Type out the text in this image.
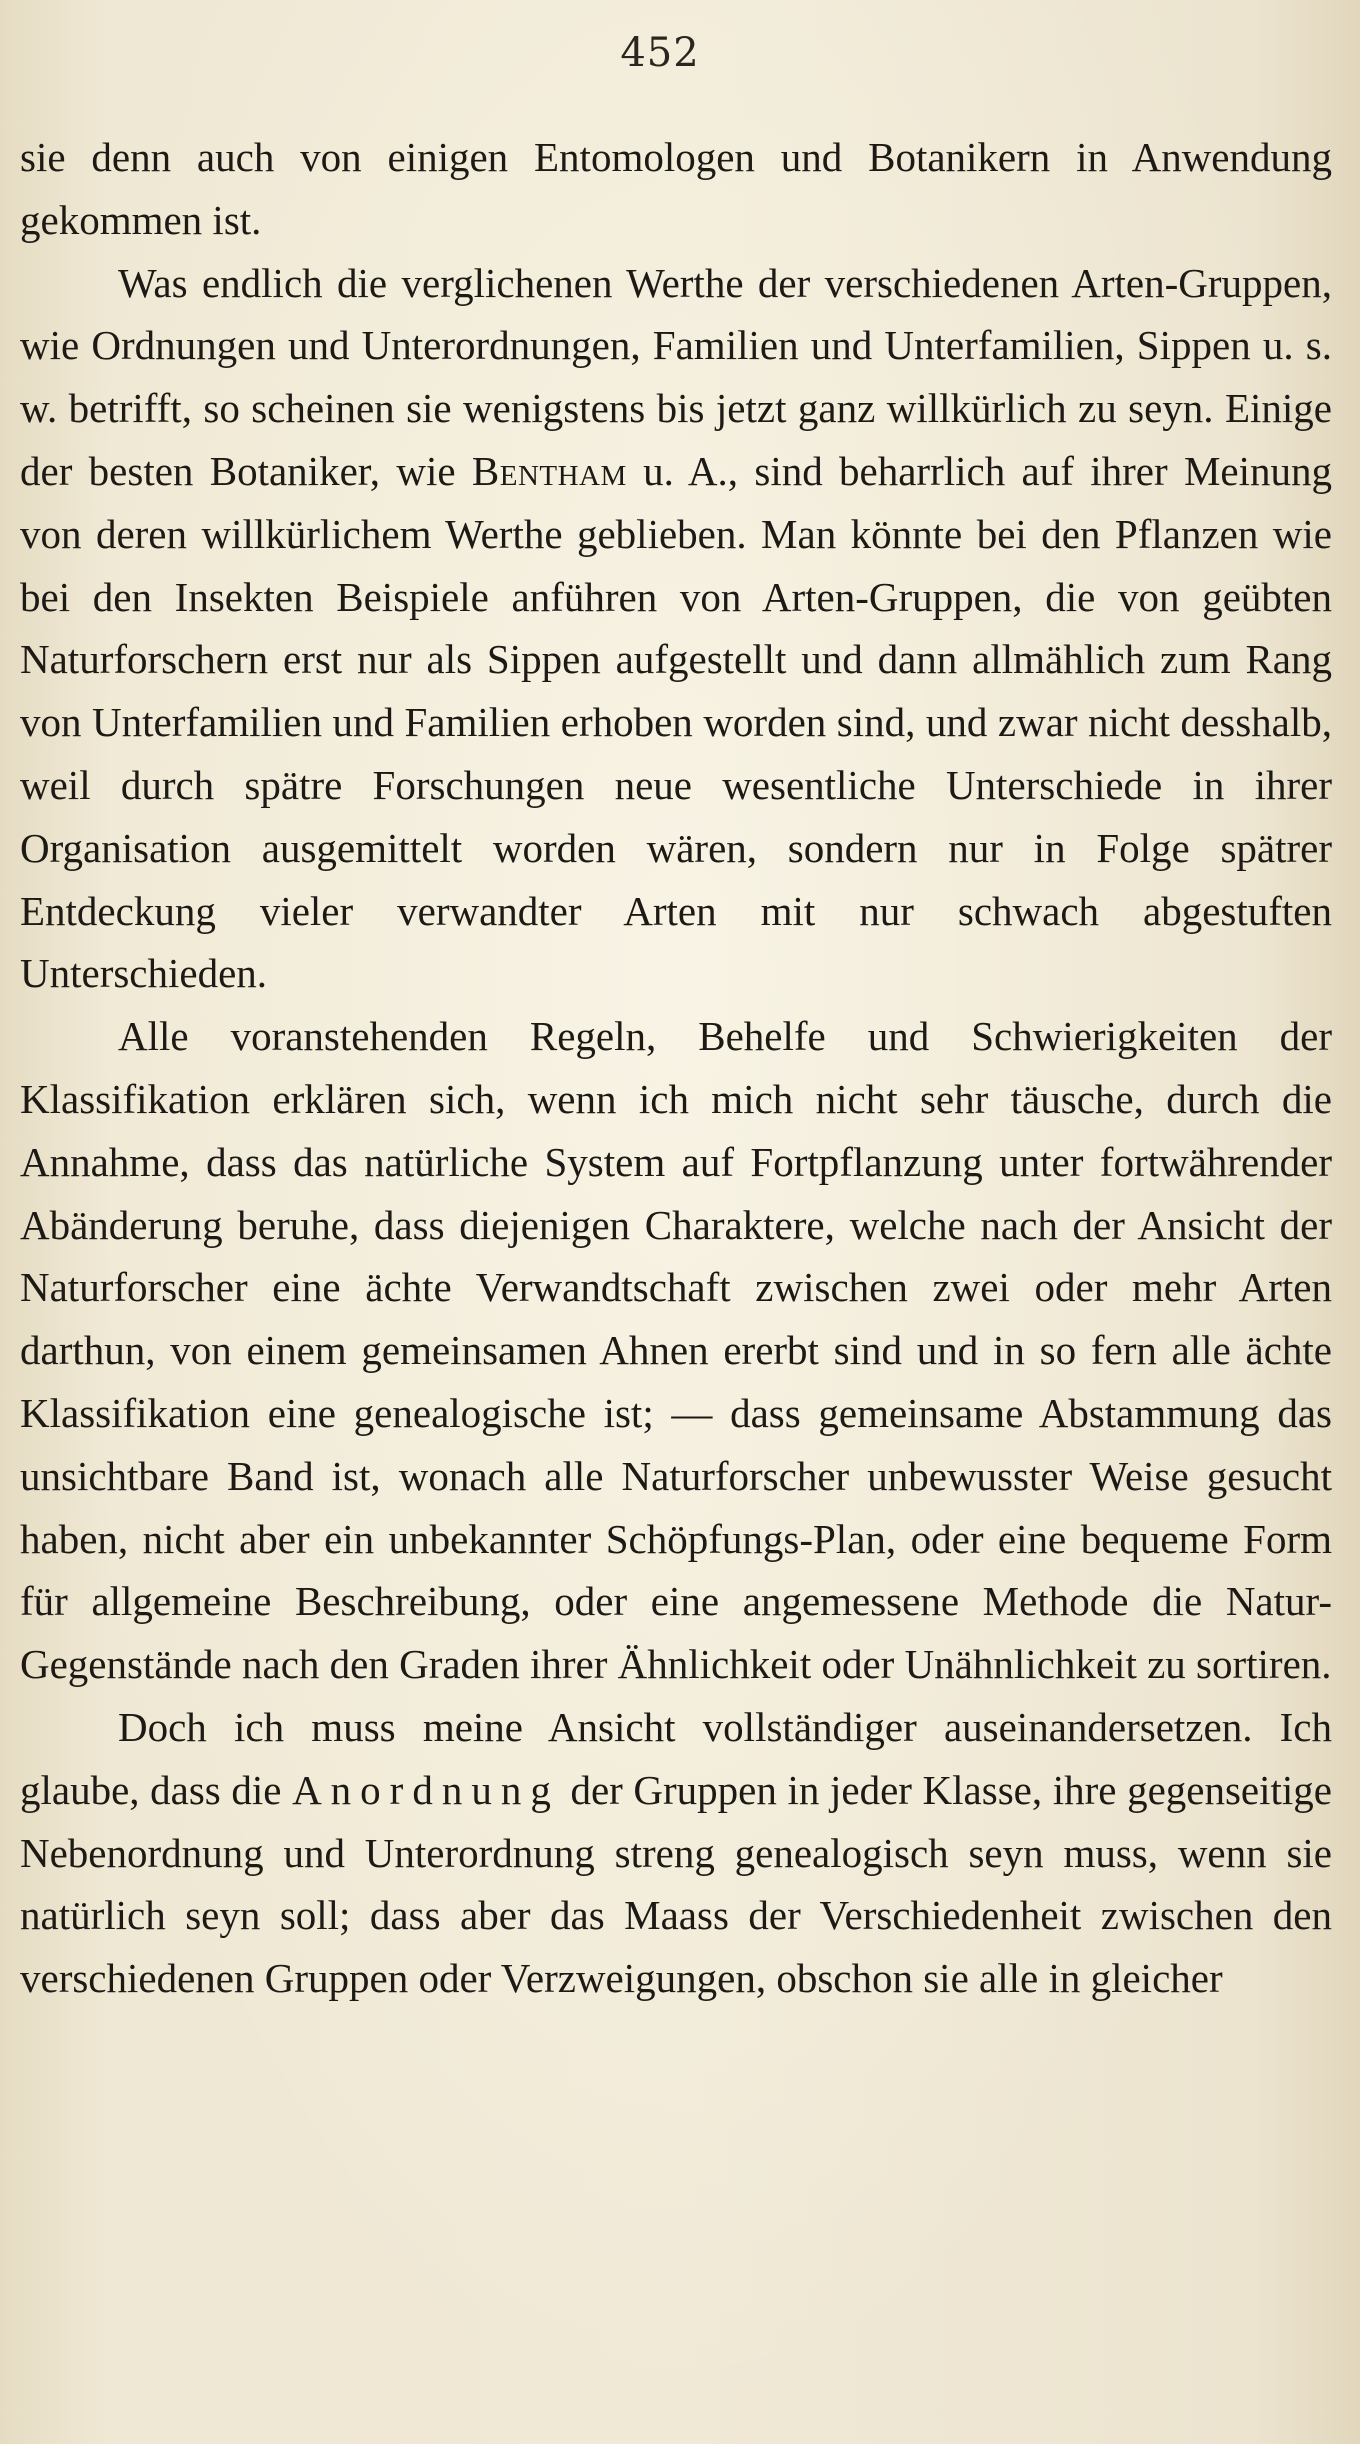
452

sie denn auch von einigen Entomologen und Botanikern in Anwendung gekommen ist.

Was endlich die verglichenen Werthe der verschiedenen Arten-Gruppen, wie Ordnungen und Unterordnungen, Familien und Unterfamilien, Sippen u. s. w. betrifft, so scheinen sie wenigstens bis jetzt ganz willkürlich zu seyn. Einige der besten Botaniker, wie Bentham u. A., sind beharrlich auf ihrer Meinung von deren willkürlichem Werthe geblieben. Man könnte bei den Pflanzen wie bei den Insekten Beispiele anführen von Arten-Gruppen, die von geübten Naturforschern erst nur als Sippen aufgestellt und dann allmählich zum Rang von Unterfamilien und Familien erhoben worden sind, und zwar nicht desshalb, weil durch spätre Forschungen neue wesentliche Unterschiede in ihrer Organisation ausgemittelt worden wären, sondern nur in Folge spätrer Entdeckung vieler verwandter Arten mit nur schwach abgestuften Unterschieden.

Alle voranstehenden Regeln, Behelfe und Schwierigkeiten der Klassifikation erklären sich, wenn ich mich nicht sehr täusche, durch die Annahme, dass das natürliche System auf Fortpflanzung unter fortwährender Abänderung beruhe, dass diejenigen Charaktere, welche nach der Ansicht der Naturforscher eine ächte Verwandtschaft zwischen zwei oder mehr Arten darthun, von einem gemeinsamen Ahnen ererbt sind und in so fern alle ächte Klassifikation eine genealogische ist; — dass gemeinsame Abstammung das unsichtbare Band ist, wonach alle Naturforscher unbewusster Weise gesucht haben, nicht aber ein unbekannter Schöpfungs-Plan, oder eine bequeme Form für allgemeine Beschreibung, oder eine angemessene Methode die Natur-Gegenstände nach den Graden ihrer Ähnlichkeit oder Unähnlichkeit zu sortiren.

Doch ich muss meine Ansicht vollständiger auseinandersetzen. Ich glaube, dass die Anordnung der Gruppen in jeder Klasse, ihre gegenseitige Nebenordnung und Unterordnung streng genealogisch seyn muss, wenn sie natürlich seyn soll; dass aber das Maass der Verschiedenheit zwischen den verschiedenen Gruppen oder Verzweigungen, obschon sie alle in gleicher
